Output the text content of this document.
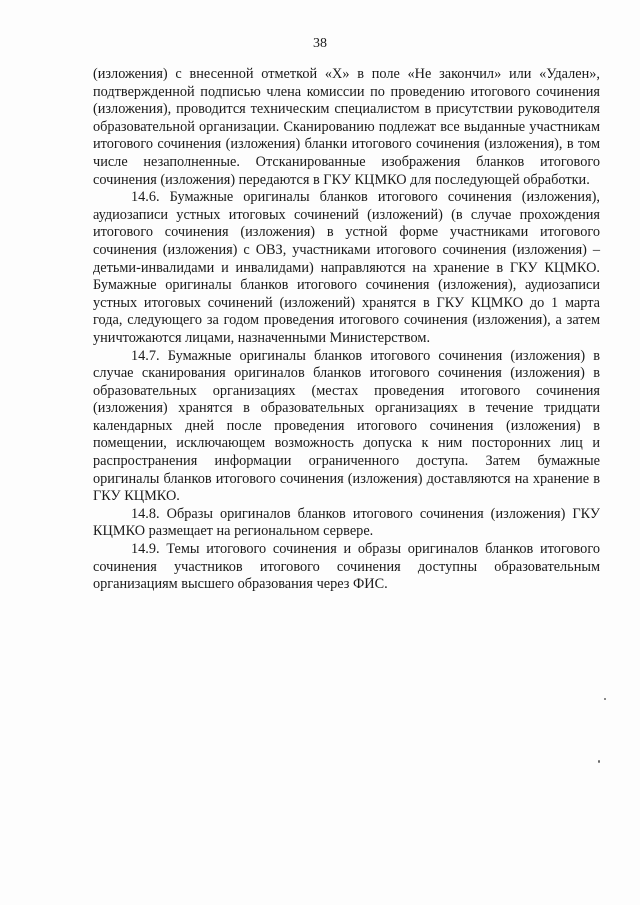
38

(изложения) с внесенной отметкой «Х» в поле «Не закончил» или «Удален», подтвержденной подписью члена комиссии по проведению итогового сочинения (изложения), проводится техническим специалистом в присутствии руководителя образовательной организации. Сканированию подлежат все выданные участникам итогового сочинения (изложения) бланки итогового сочинения (изложения), в том числе незаполненные. Отсканированные изображения бланков итогового сочинения (изложения) передаются в ГКУ КЦМКО для последующей обработки.

14.6. Бумажные оригиналы бланков итогового сочинения (изложения), аудиозаписи устных итоговых сочинений (изложений) (в случае прохождения итогового сочинения (изложения) в устной форме участниками итогового сочинения (изложения) с ОВЗ, участниками итогового сочинения (изложения) – детьми-инвалидами и инвалидами) направляются на хранение в ГКУ КЦМКО. Бумажные оригиналы бланков итогового сочинения (изложения), аудиозаписи устных итоговых сочинений (изложений) хранятся в ГКУ КЦМКО до 1 марта года, следующего за годом проведения итогового сочинения (изложения), а затем уничтожаются лицами, назначенными Министерством.

14.7. Бумажные оригиналы бланков итогового сочинения (изложения) в случае сканирования оригиналов бланков итогового сочинения (изложения) в образовательных организациях (местах проведения итогового сочинения (изложения) хранятся в образовательных организациях в течение тридцати календарных дней после проведения итогового сочинения (изложения) в помещении, исключающем возможность допуска к ним посторонних лиц и распространения информации ограниченного доступа. Затем бумажные оригиналы бланков итогового сочинения (изложения) доставляются на хранение в ГКУ КЦМКО.

14.8. Образы оригиналов бланков итогового сочинения (изложения) ГКУ КЦМКО размещает на региональном сервере.

14.9. Темы итогового сочинения и образы оригиналов бланков итогового сочинения участников итогового сочинения доступны образовательным организациям высшего образования через ФИС.
